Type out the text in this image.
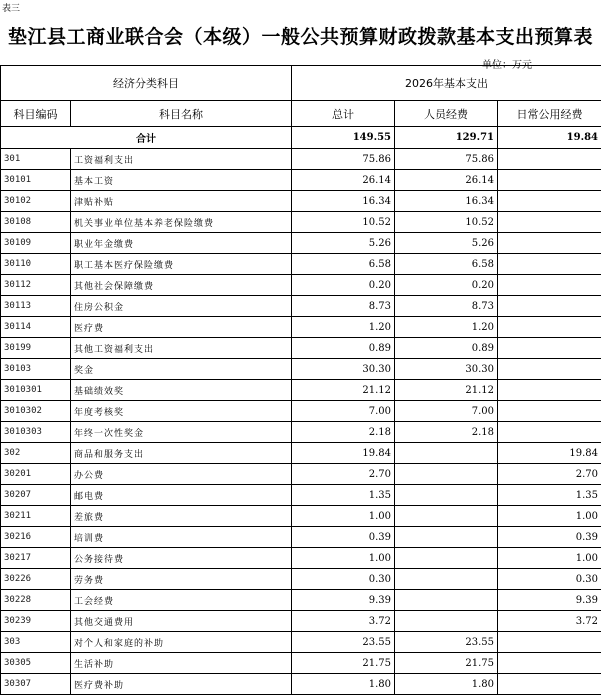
表三
垫江县工商业联合会（本级）一般公共预算财政拨款基本支出预算表
单位：万元
经济分类科目		2026年基本支出		
科目编码	科目名称	总计	人员经费	日常公用经费
合计		149.55	129.71	19.84
301	工资福利支出	75.86	75.86	
30101	基本工资	26.14	26.14	
30102	津贴补贴	16.34	16.34	
30108	机关事业单位基本养老保险缴费	10.52	10.52	
30109	职业年金缴费	5.26	5.26	
30110	职工基本医疗保险缴费	6.58	6.58	
30112	其他社会保障缴费	0.20	0.20	
30113	住房公积金	8.73	8.73	
30114	医疗费	1.20	1.20	
30199	其他工资福利支出	0.89	0.89	
30103	奖金	30.30	30.30	
3010301	基础绩效奖	21.12	21.12	
3010302	年度考核奖	7.00	7.00	
3010303	年终一次性奖金	2.18	2.18	
302	商品和服务支出	19.84		19.84
30201	办公费	2.70		2.70
30207	邮电费	1.35		1.35
30211	差旅费	1.00		1.00
30216	培训费	0.39		0.39
30217	公务接待费	1.00		1.00
30226	劳务费	0.30		0.30
30228	工会经费	9.39		9.39
30239	其他交通费用	3.72		3.72
303	对个人和家庭的补助	23.55	23.55	
30305	生活补助	21.75	21.75	
30307	医疗费补助	1.80	1.80	
